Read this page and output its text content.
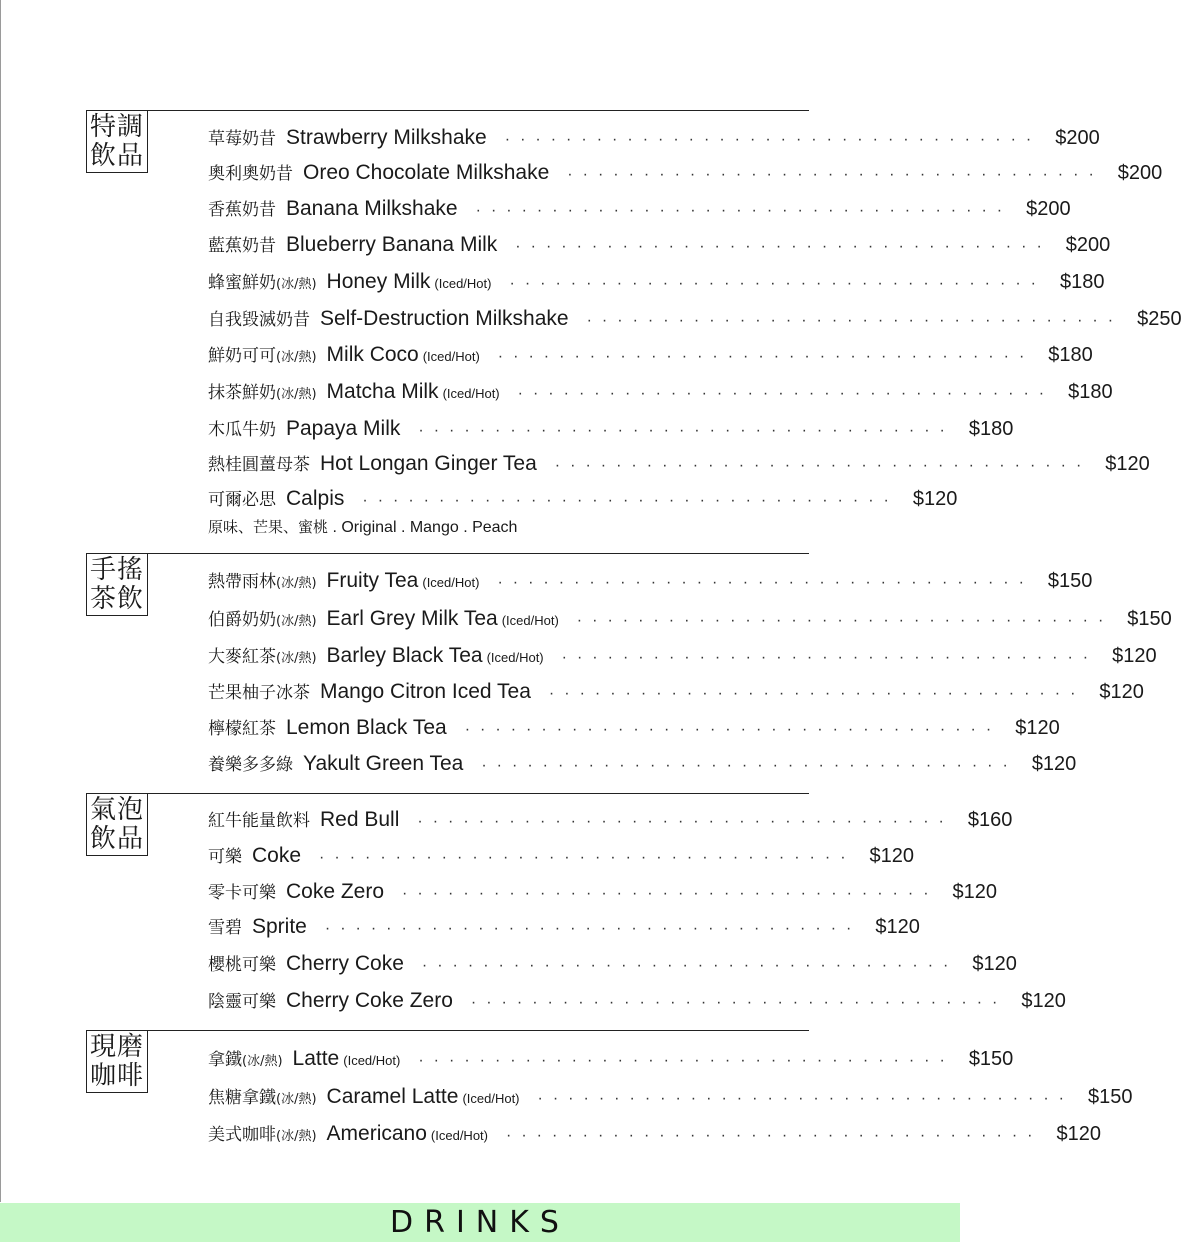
特調
飲品
手搖
茶飲
氣泡
飲品
現磨
咖啡
草莓奶昔 Strawberry Milkshake ··································· $200
奧利奧奶昔 Oreo Chocolate Milkshake ··································· $200
香蕉奶昔 Banana Milkshake ··································· $200
藍蕉奶昔 Blueberry Banana Milk ··································· $200
蜂蜜鮮奶 (冰/熱) Honey Milk (Iced/Hot) ··································· $180
自我毀滅奶昔 Self-Destruction Milkshake ··································· $250
鮮奶可可 (冰/熱) Milk Coco (Iced/Hot) ··································· $180
抹茶鮮奶 (冰/熱) Matcha Milk (Iced/Hot) ··································· $180
木瓜牛奶 Papaya Milk ··································· $180
熱桂圓薑母茶 Hot Longan Ginger Tea ··································· $120
可爾必思 Calpis ··································· $120
熱帶雨林 (冰/熱) Fruity Tea (Iced/Hot) ··································· $150
伯爵奶奶 (冰/熱) Earl Grey Milk Tea (Iced/Hot) ··································· $150
大麥紅茶 (冰/熱) Barley Black Tea (Iced/Hot) ··································· $120
芒果柚子冰茶 Mango Citron Iced Tea ··································· $120
檸檬紅茶 Lemon Black Tea ··································· $120
養樂多多綠 Yakult Green Tea ··································· $120
紅牛能量飲料 Red Bull ··································· $160
可樂 Coke ··································· $120
零卡可樂 Coke Zero ··································· $120
雪碧 Sprite ··································· $120
櫻桃可樂 Cherry Coke ··································· $120
陰靈可樂 Cherry Coke Zero ··································· $120
拿鐵 (冰/熱) Latte (Iced/Hot) ··································· $150
焦糖拿鐵 (冰/熱) Caramel Latte (Iced/Hot) ··································· $150
美式咖啡 (冰/熱) Americano (Iced/Hot) ··································· $120
原味、芒果、蜜桃 . Original . Mango . Peach
DRINKS
